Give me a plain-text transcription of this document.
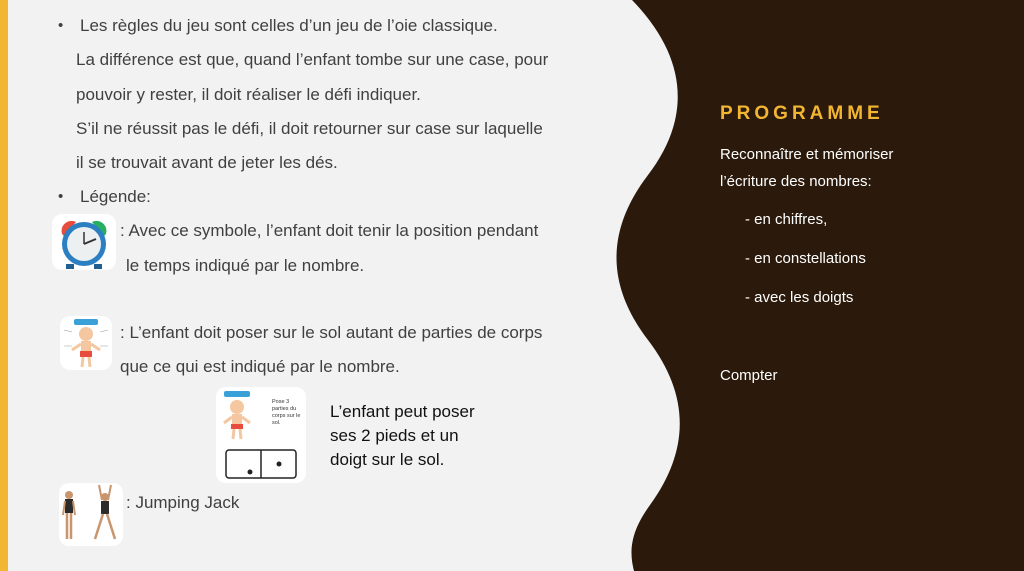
• Les règles du jeu sont celles d’un jeu de l’oie classique.
La différence est que, quand l’enfant tombe sur une case, pour
pouvoir y rester, il doit réaliser le défi indiquer.
S’il ne réussit pas le défi, il doit retourner sur case sur laquelle
il se trouvait avant de jeter les dés.
• Légende:
: Avec ce symbole, l’enfant doit tenir la position pendant
le temps indiqué par le nombre.
: L’enfant doit poser sur le sol autant de parties de corps
que ce qui est indiqué par le nombre.
Pose 3 parties du corps sur le sol.
L’enfant peut poser
ses 2 pieds et un
doigt sur le sol.
: Jumping Jack
PROGRAMME
Reconnaître et mémoriser
l’écriture des nombres:
- en chiffres,
- en constellations
- avec les doigts
Compter
